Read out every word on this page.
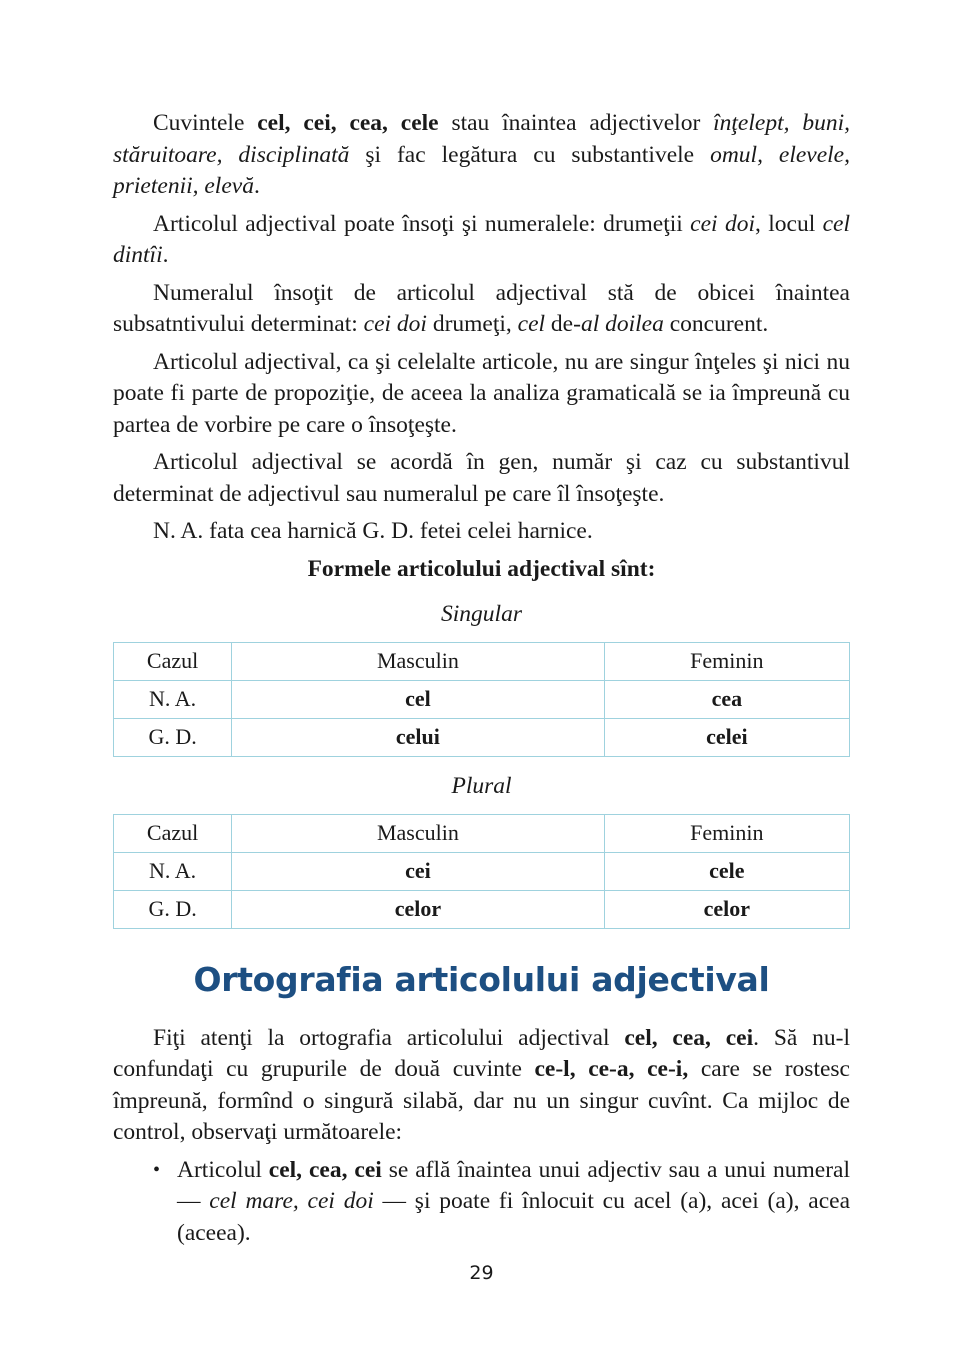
Cuvintele cel, cei, cea, cele stau înaintea adjectivelor înţelept, buni, stăruitoare, disciplinată şi fac legătura cu substantivele omul, elevele, prietenii, elevă.

Articolul adjectival poate însoţi şi numeralele: drumeţii cei doi, locul cel dintîi.

Numeralul însoţit de articolul adjectival stă de obicei înaintea subsatntivului determinat: cei doi drumeţi, cel de-al doilea concurent.

Articolul adjectival, ca şi celelalte articole, nu are singur înţeles şi nici nu poate fi parte de propoziţie, de aceea la analiza gramaticală se ia împreună cu partea de vorbire pe care o însoţeşte.

Articolul adjectival se acordă în gen, număr şi caz cu substantivul determinat de adjectivul sau numeralul pe care îl însoţeşte.

N. A. fata cea harnică G. D. fetei celei harnice.

Formele articolului adjectival sînt:
Singular
Cazul	Masculin	Feminin
N. A.	cel	cea
G. D.	celui	celei
Plural
Cazul	Masculin	Feminin
N. A.	cei	cele
G. D.	celor	celor
Ortografia articolului adjectival

Fiţi atenţi la ortografia articolului adjectival cel, cea, cei. Să nu-l confundaţi cu grupurile de două cuvinte ce-l, ce-a, ce-i, care se rostesc împreună, formînd o singură silabă, dar nu un singur cuvînt. Ca mijloc de control, observaţi următoarele:

• Articolul cel, cea, cei se află înaintea unui adjectiv sau a unui numeral — cel mare, cei doi — şi poate fi înlocuit cu acel (a), acei (a), acea (aceea).
29
